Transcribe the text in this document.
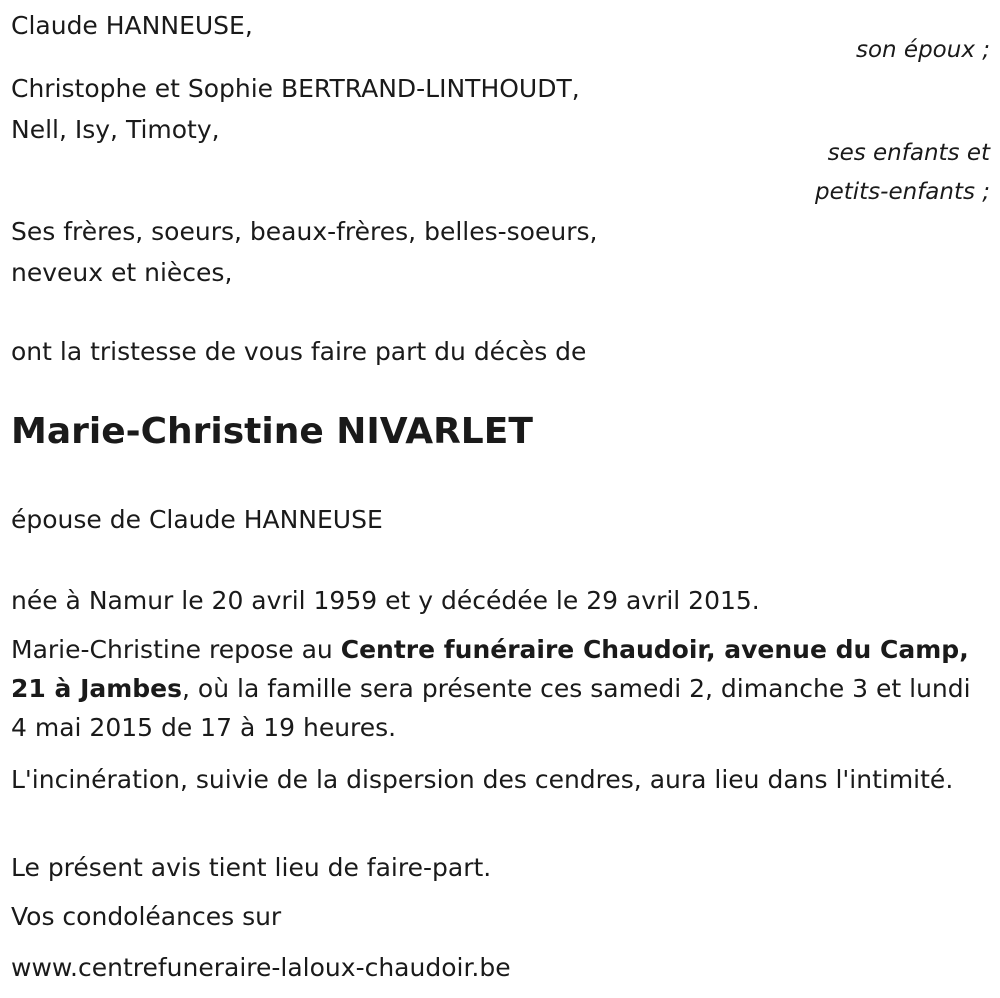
Claude HANNEUSE,
son époux ;
Christophe et Sophie BERTRAND-LINTHOUDT,
Nell, Isy, Timoty,
ses enfants et
petits-enfants ;
Ses frères, soeurs, beaux-frères, belles-soeurs,
neveux et nièces,
ont la tristesse de vous faire part du décès de
Marie-Christine NIVARLET
épouse de Claude HANNEUSE
née à Namur le 20 avril 1959 et y décédée le 29 avril 2015.
Marie-Christine repose au Centre funéraire Chaudoir, avenue du Camp, 21 à Jambes, où la famille sera présente ces samedi 2, dimanche 3 et lundi 4 mai 2015 de 17 à 19 heures.
L'incinération, suivie de la dispersion des cendres, aura lieu dans l'intimité.
Le présent avis tient lieu de faire-part.
Vos condoléances sur
www.centrefuneraire-laloux-chaudoir.be
